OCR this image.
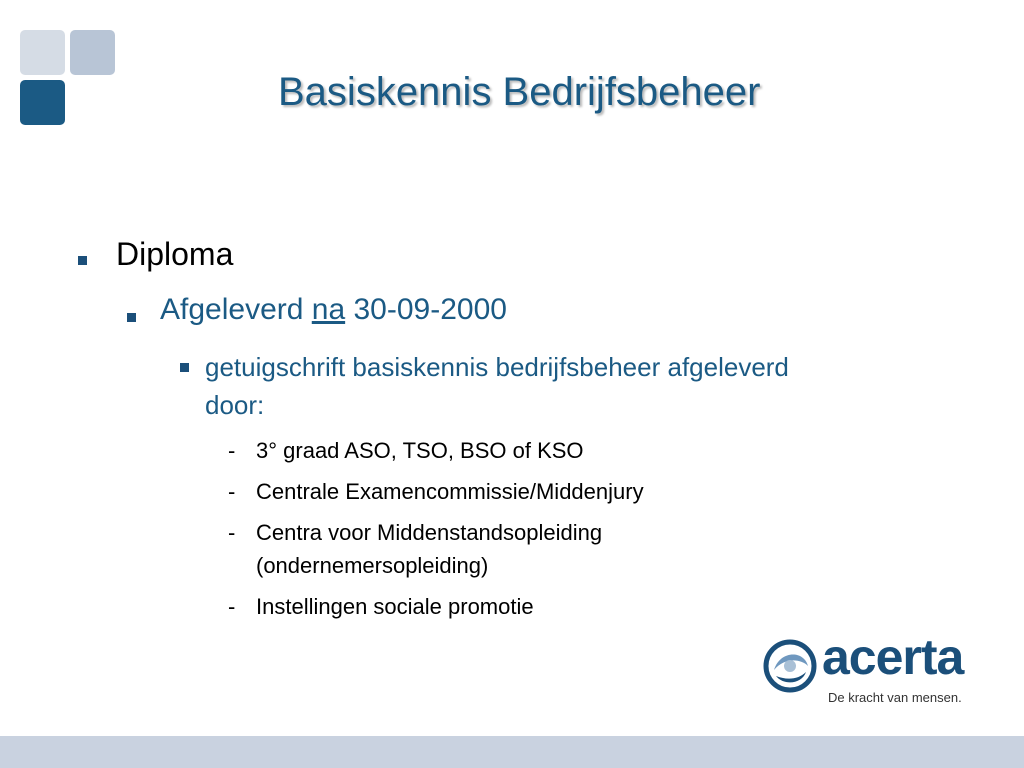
Basiskennis Bedrijfsbeheer
Diploma
Afgeleverd na 30-09-2000
getuigschrift basiskennis bedrijfsbeheer afgeleverd door:
- 3° graad ASO, TSO, BSO of KSO
- Centrale Examencommissie/Middenjury
- Centra voor Middenstandsopleiding (ondernemersopleiding)
- Instellingen sociale promotie
acerta
De kracht van mensen.
